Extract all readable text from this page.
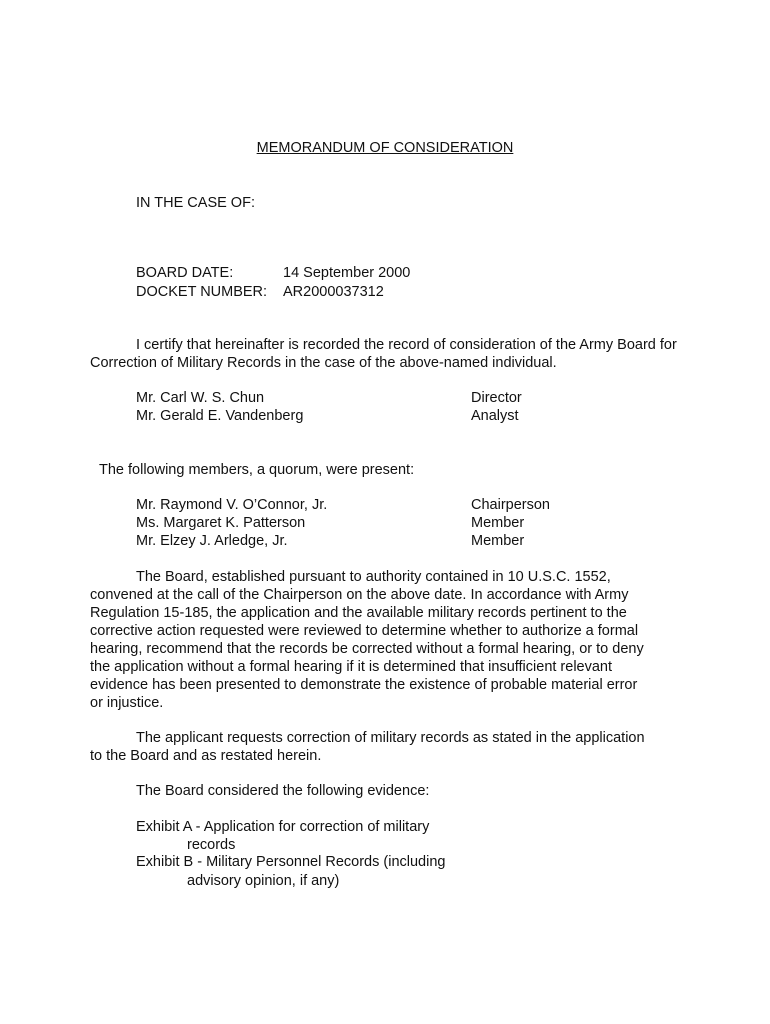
MEMORANDUM OF CONSIDERATION
IN THE CASE OF:
BOARD DATE:	14 September 2000
DOCKET NUMBER: AR2000037312
I certify that hereinafter is recorded the record of consideration of the Army Board for Correction of Military Records in the case of the above-named individual.
Mr. Carl W. S. Chun	Director
Mr. Gerald E. Vandenberg	Analyst
The following members, a quorum, were present:
Mr. Raymond V. O’Connor, Jr.	Chairperson
Ms. Margaret K. Patterson	Member
Mr. Elzey J. Arledge, Jr.	Member
The Board, established pursuant to authority contained in 10 U.S.C. 1552,
convened at the call of the Chairperson on the above date. In accordance with Army
Regulation 15-185, the application and the available military records pertinent to the
corrective action requested were reviewed to determine whether to authorize a formal
hearing, recommend that the records be corrected without a formal hearing, or to deny
the application without a formal hearing if it is determined that insufficient relevant
evidence has been presented to demonstrate the existence of probable material error
or injustice.
The applicant requests correction of military records as stated in the application
to the Board and as restated herein.
The Board considered the following evidence:
Exhibit A - Application for correction of military
records
Exhibit B - Military Personnel Records (including
advisory opinion, if any)
